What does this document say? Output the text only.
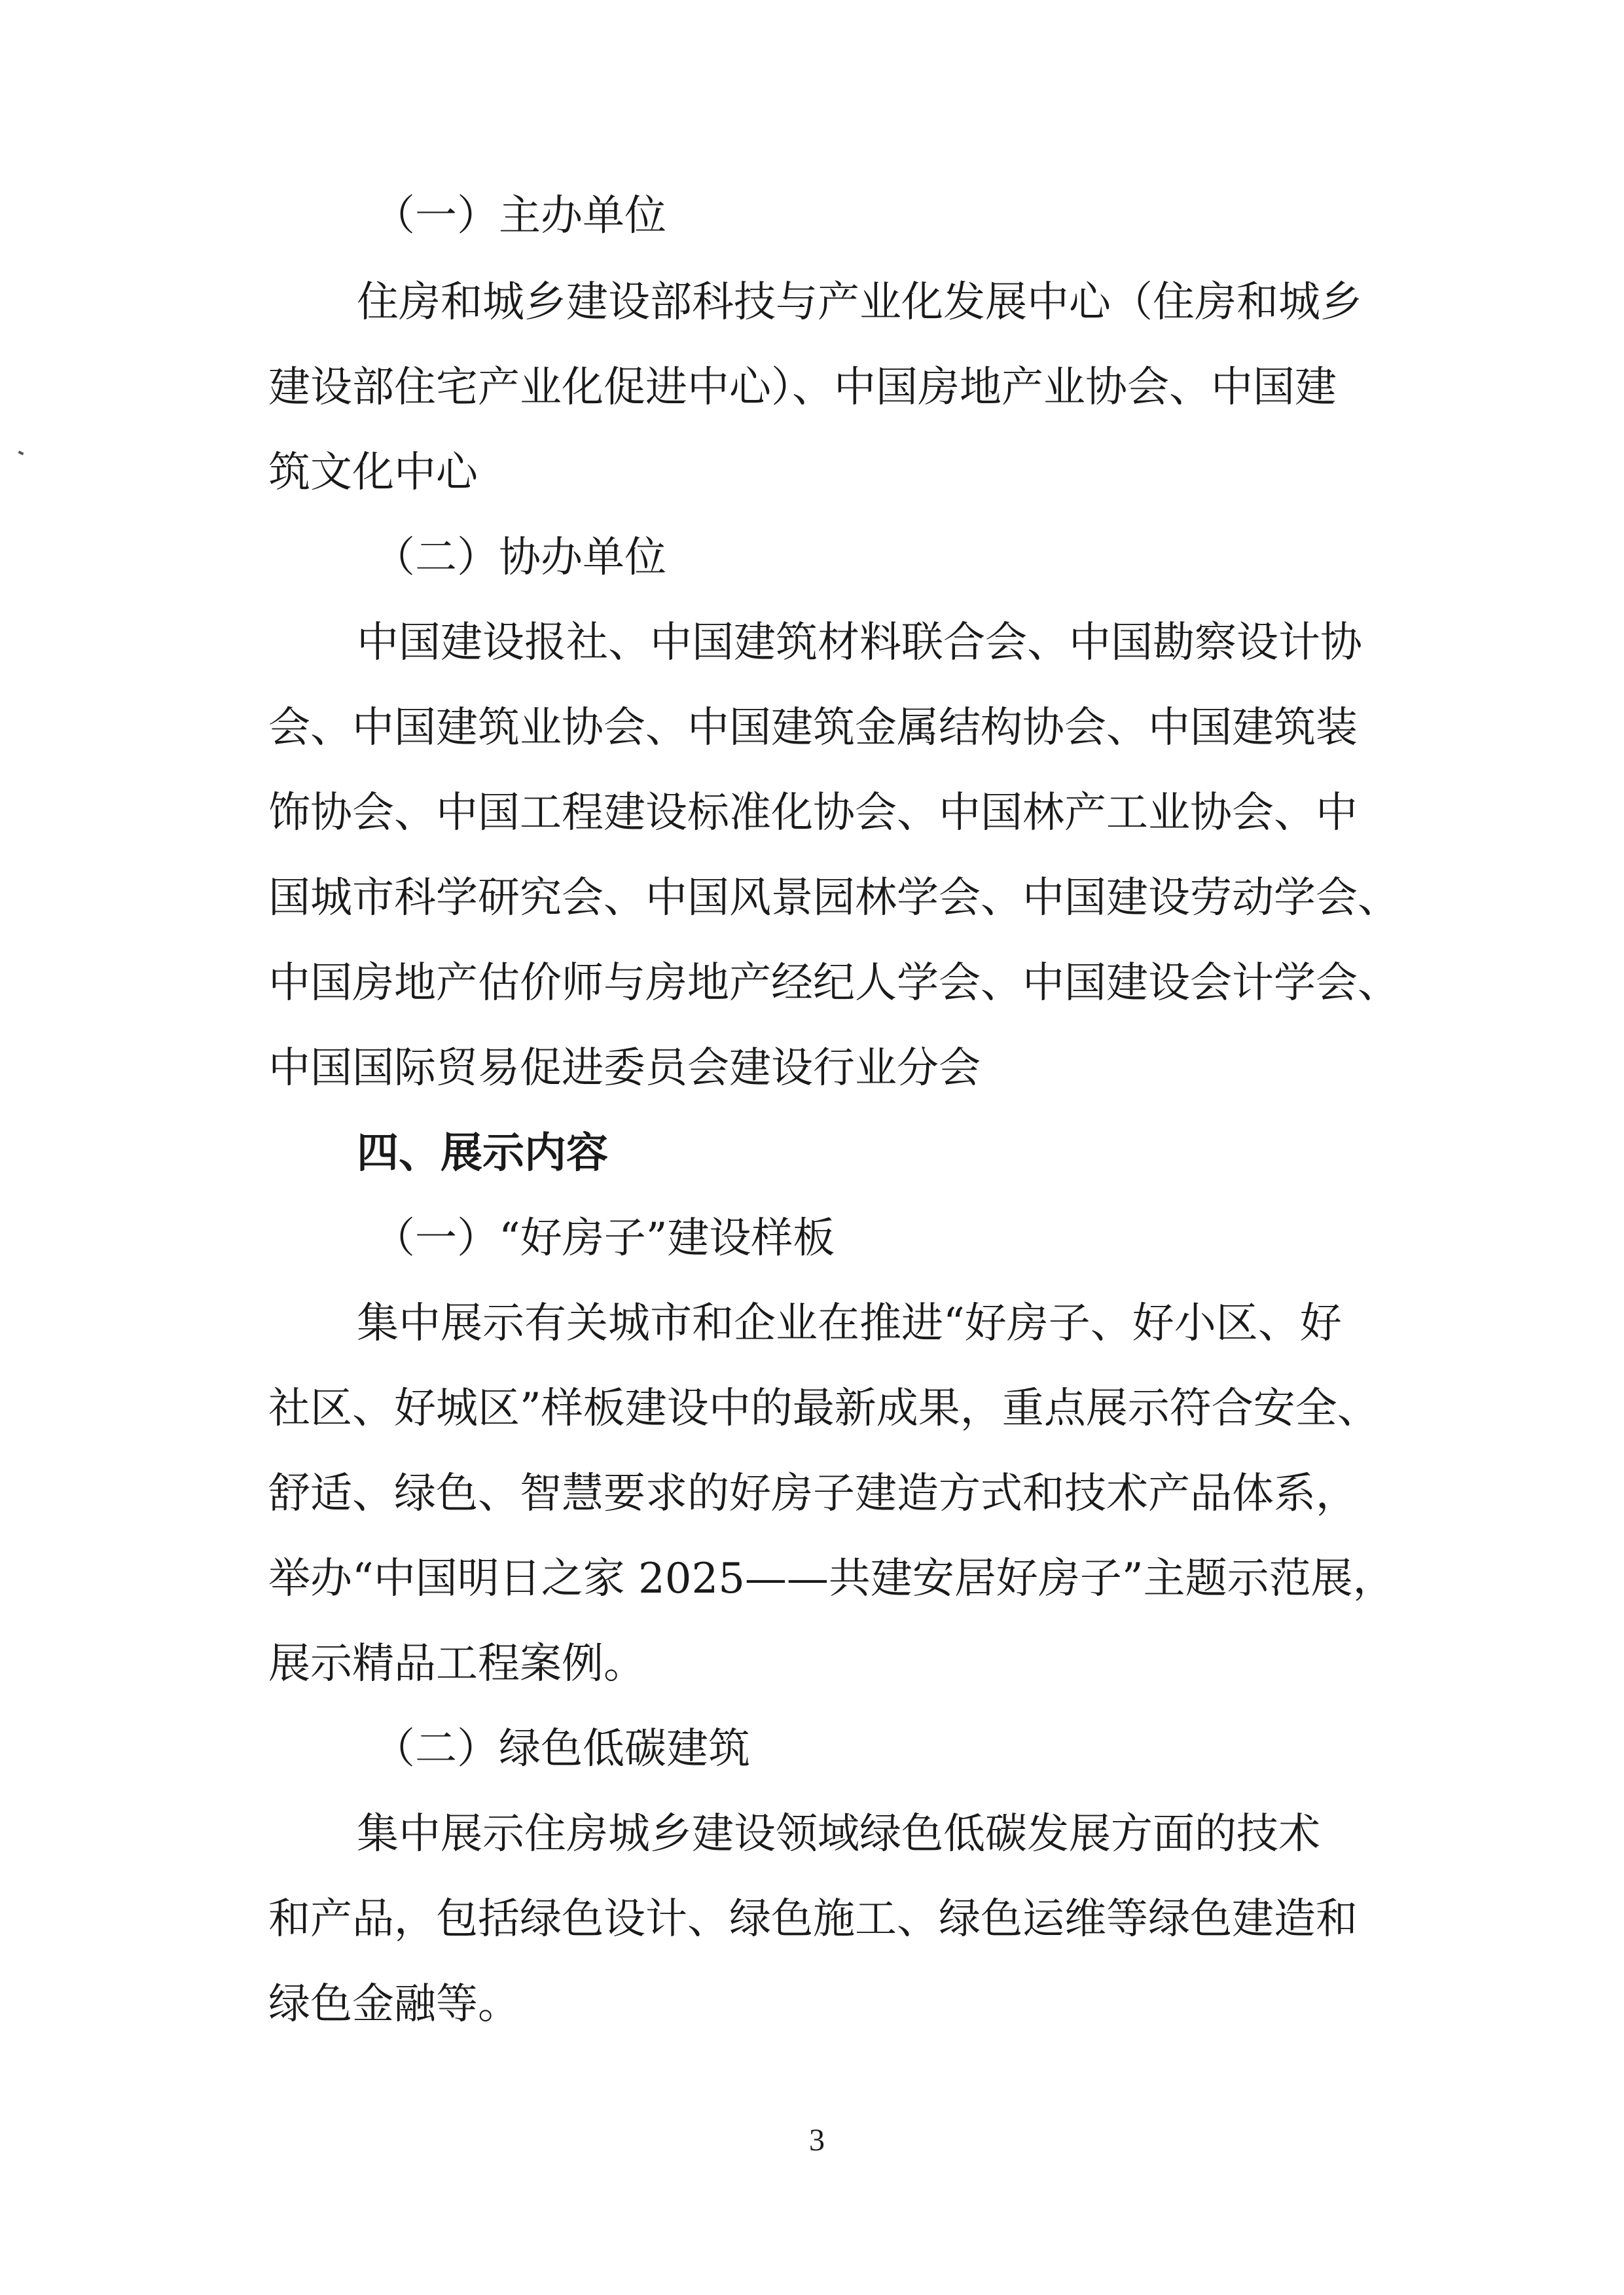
（一）主办单位
住房和城乡建设部科技与产业化发展中心（住房和城乡
建设部住宅产业化促进中心）、中国房地产业协会、中国建
筑文化中心
（二）协办单位
中国建设报社、中国建筑材料联合会、中国勘察设计协
会、中国建筑业协会、中国建筑金属结构协会、中国建筑装
饰协会、中国工程建设标准化协会、中国林产工业协会、中
国城市科学研究会、中国风景园林学会、中国建设劳动学会、
中国房地产估价师与房地产经纪人学会、中国建设会计学会、
中国国际贸易促进委员会建设行业分会
四、展示内容
（一）“好房子”建设样板
集中展示有关城市和企业在推进“好房子、好小区、好
社区、好城区”样板建设中的最新成果，重点展示符合安全、
舒适、绿色、智慧要求的好房子建造方式和技术产品体系，
举办“中国明日之家 2025——共建安居好房子”主题示范展，
展示精品工程案例。
（二）绿色低碳建筑
集中展示住房城乡建设领域绿色低碳发展方面的技术
和产品，包括绿色设计、绿色施工、绿色运维等绿色建造和
绿色金融等。
3
